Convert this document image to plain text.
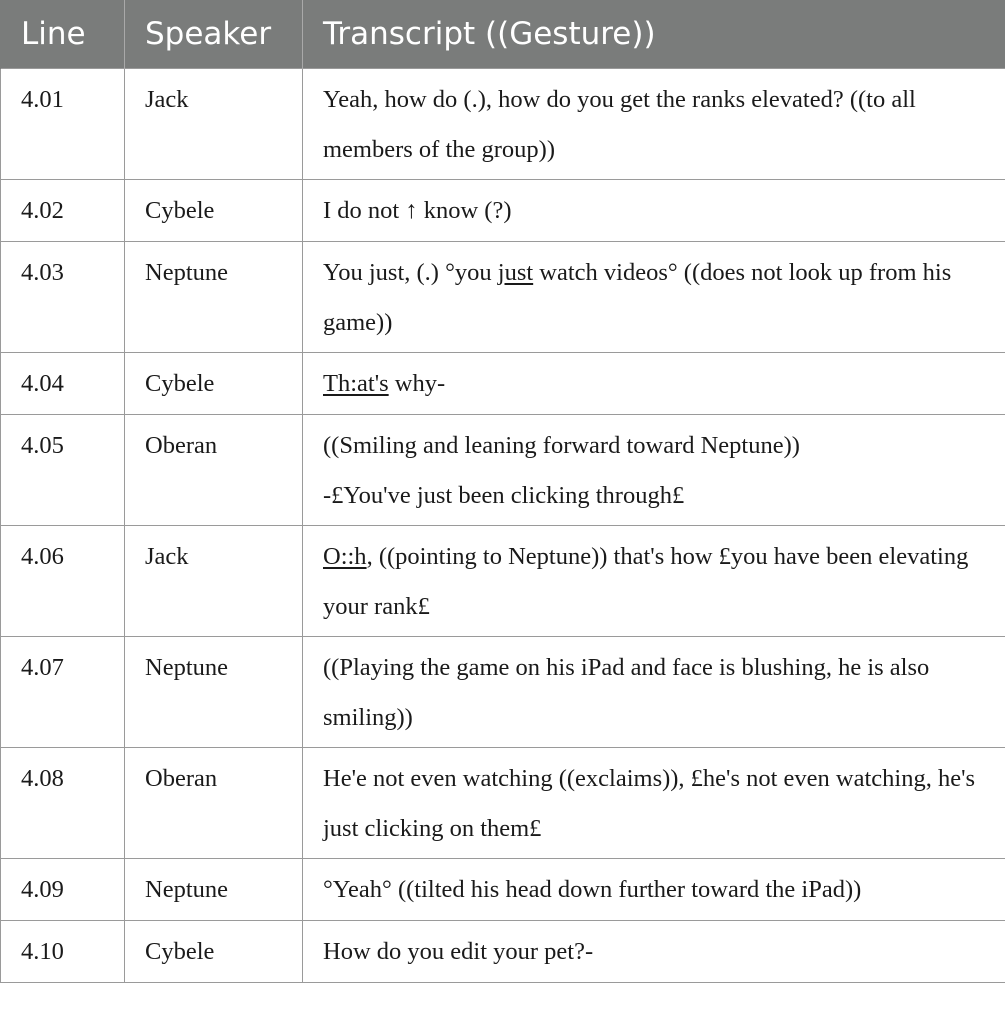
Line	Speaker	Transcript ((Gesture))
4.01	Jack	Yeah, how do (.), how do you get the ranks elevated? ((to all members of the group))
4.02	Cybele	I do not ↑ know (?)
4.03	Neptune	You just, (.) °you just watch videos° ((does not look up from his game))
4.04	Cybele	Th:at's why-
4.05	Oberan	((Smiling and leaning forward toward Neptune))
-£You've just been clicking through£

4.06	Jack	O::h, ((pointing to Neptune)) that's how £you have been elevating your rank£
4.07	Neptune	((Playing the game on his iPad and face is blushing, he is also smiling))
4.08	Oberan	He'e not even watching ((exclaims)), £he's not even watching, he's just clicking on them£
4.09	Neptune	°Yeah° ((tilted his head down further toward the iPad))
4.10	Cybele	How do you edit your pet?-
